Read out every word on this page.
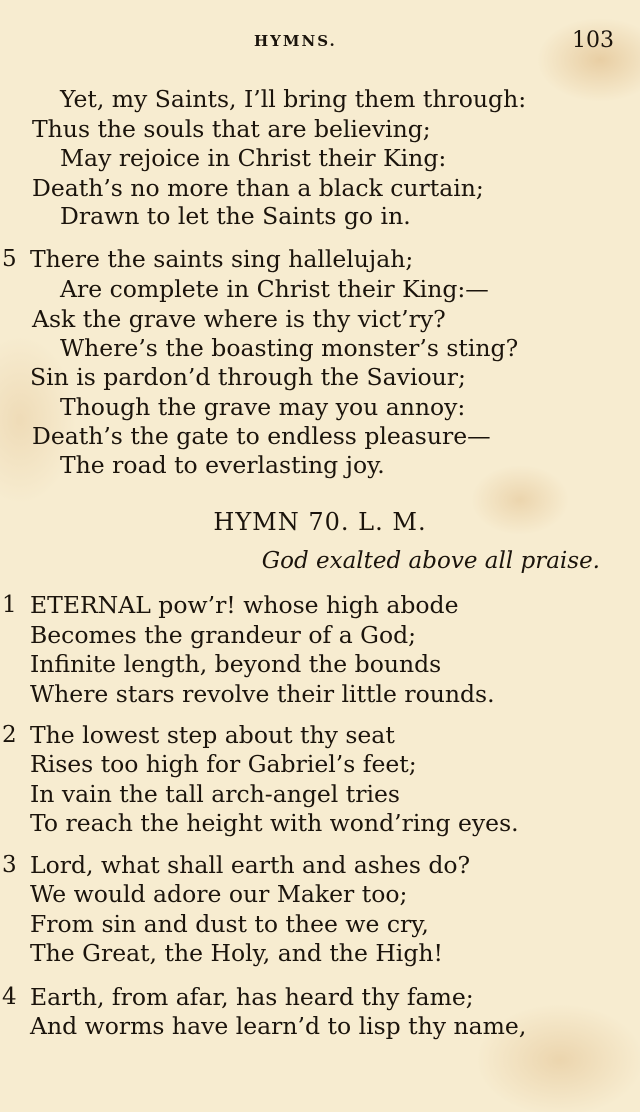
HYMNS.	103
Yet, my Saints, I’ll bring them through:
Thus the souls that are believing;
May rejoice in Christ their King:
Death’s no more than a black curtain;
Drawn to let the Saints go in.
5 There the saints sing hallelujah;
Are complete in Christ their King:—
Ask the grave where is thy vict’ry?
Where’s the boasting monster’s sting?
Sin is pardon’d through the Saviour;
Though the grave may you annoy:
Death’s the gate to endless pleasure—
The road to everlasting joy.
HYMN 70. L. M.
God exalted above all praise.
1 ETERNAL pow’r! whose high abode
Becomes the grandeur of a God;
Infinite length, beyond the bounds
Where stars revolve their little rounds.
2 The lowest step about thy seat
Rises too high for Gabriel’s feet;
In vain the tall arch-angel tries
To reach the height with wond’ring eyes.
3 Lord, what shall earth and ashes do?
We would adore our Maker too;
From sin and dust to thee we cry,
The Great, the Holy, and the High!
4 Earth, from afar, has heard thy fame;
And worms have learn’d to lisp thy name,
